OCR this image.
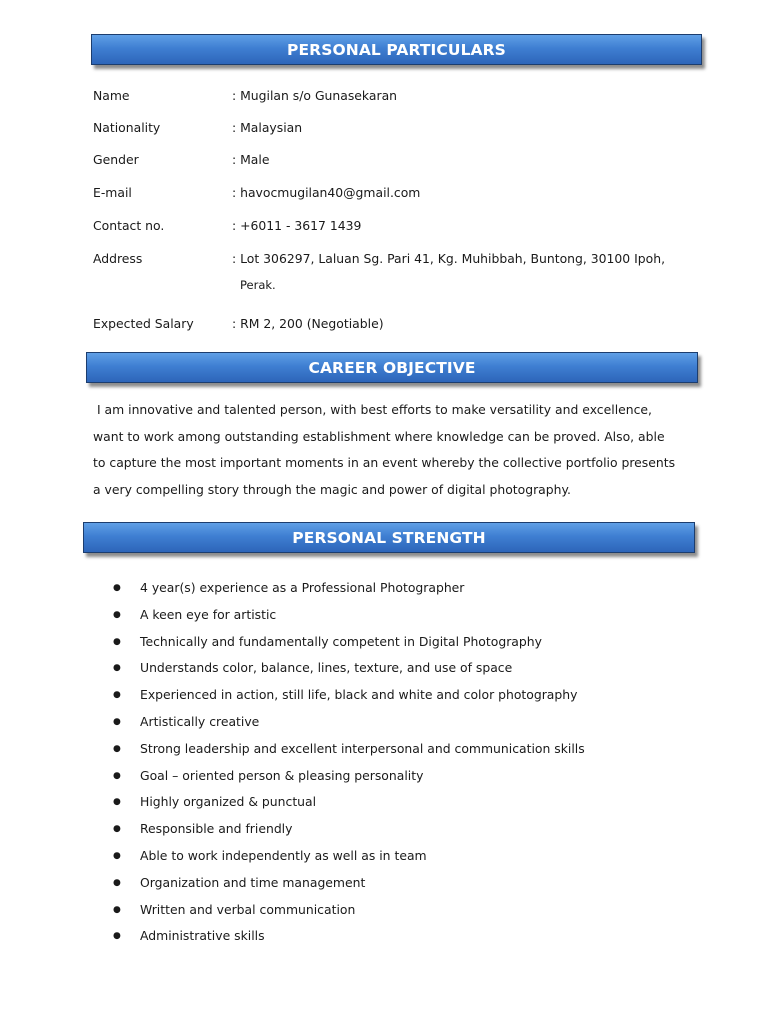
PERSONAL PARTICULARS
Name	: Mugilan s/o Gunasekaran
Nationality	: Malaysian
Gender	: Male
E-mail	: havocmugilan40@gmail.com
Contact no.	: +6011 - 3617 1439
Address	: Lot 306297, Laluan Sg. Pari 41, Kg. Muhibbah, Buntong, 30100 Ipoh,
Perak.
Expected Salary	: RM 2, 200 (Negotiable)
CAREER OBJECTIVE
I am innovative and talented person, with best efforts to make versatility and excellence,
want to work among outstanding establishment where knowledge can be proved. Also, able
to capture the most important moments in an event whereby the collective portfolio presents
a very compelling story through the magic and power of digital photography.
PERSONAL STRENGTH
● 4 year(s) experience as a Professional Photographer
● A keen eye for artistic
● Technically and fundamentally competent in Digital Photography
● Understands color, balance, lines, texture, and use of space
● Experienced in action, still life, black and white and color photography
● Artistically creative
● Strong leadership and excellent interpersonal and communication skills
● Goal – oriented person & pleasing personality
● Highly organized & punctual
● Responsible and friendly
● Able to work independently as well as in team
● Organization and time management
● Written and verbal communication
● Administrative skills
